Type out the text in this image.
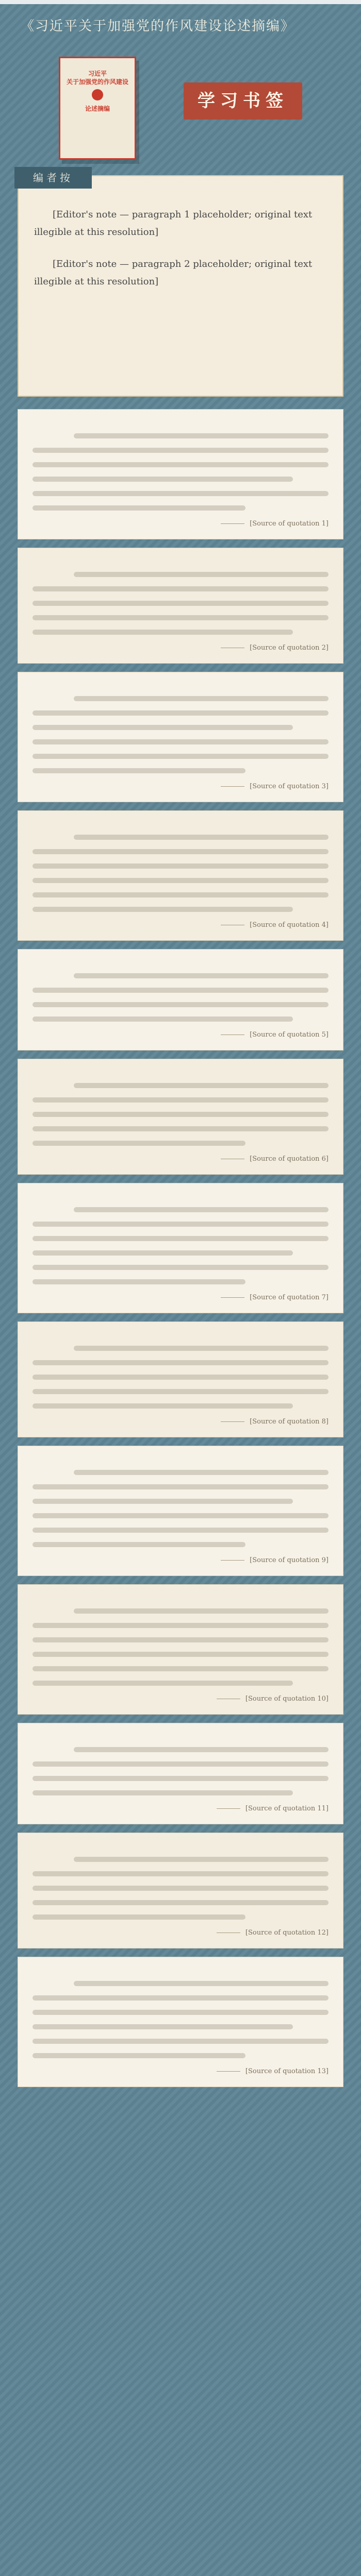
《习近平关于加强党的作风建设论述摘编》
习近平
关于加强党的作风建设
论述摘编	学习书签
编者按

[Editor's note — paragraph 1 placeholder; original text illegible at this resolution]

[Editor's note — paragraph 2 placeholder; original text illegible at this resolution]

[Source of quotation 1]
[Source of quotation 2]
[Source of quotation 3]
[Source of quotation 4]
[Source of quotation 5]
[Source of quotation 6]
[Source of quotation 7]
[Source of quotation 8]
[Source of quotation 9]
[Source of quotation 10]
[Source of quotation 11]
[Source of quotation 12]
[Source of quotation 13]
